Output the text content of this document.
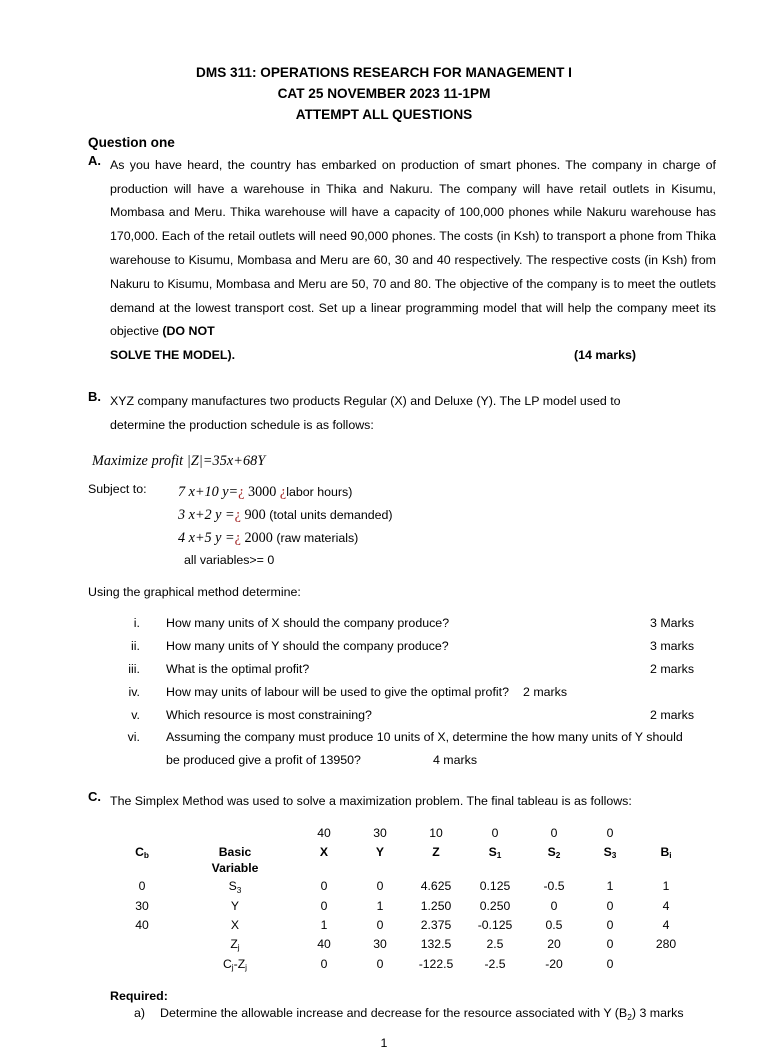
DMS 311: OPERATIONS RESEARCH FOR MANAGEMENT I
CAT 25 NOVEMBER 2023 11-1PM
ATTEMPT ALL QUESTIONS
Question one
A. As you have heard, the country has embarked on production of smart phones. The company in charge of production will have a warehouse in Thika and Nakuru. The company will have retail outlets in Kisumu, Mombasa and Meru. Thika warehouse will have a capacity of 100,000 phones while Nakuru warehouse has 170,000. Each of the retail outlets will need 90,000 phones. The costs (in Ksh) to transport a phone from Thika warehouse to Kisumu, Mombasa and Meru are 60, 30 and 40 respectively. The respective costs (in Ksh) from Nakuru to Kisumu, Mombasa and Meru are 50, 70 and 80. The objective of the company is to meet the outlets demand at the lowest transport cost. Set up a linear programming model that will help the company meet its objective (DO NOT
SOLVE THE MODEL).	(14 marks)
B. XYZ company manufactures two products Regular (X) and Deluxe (Y). The LP model used to determine the production schedule is as follows:
Maximize profit |Z|=35x+68Y
Subject to:	7 x+10 y=¿ 3000 ¿labor hours)
3 x+2 y =¿ 900 (total units demanded)
4 x+5 y =¿ 2000 (raw materials)
all variables>= 0
Using the graphical method determine:
i.	How many units of X should the company produce?	3 Marks
ii.	How many units of Y should the company produce?	3 marks
iii.	What is the optimal profit?	2 marks
iv.	How may units of labour will be used to give the optimal profit? 2 marks
v.	Which resource is most constraining?	2 marks
vi.	Assuming the company must produce 10 units of X, determine the how many units of Y should
be produced give a profit of 13950?	4 marks
C. The Simplex Method was used to solve a maximization problem. The final tableau is as follows:
		40	30	10	0	0	0	
$C_b$	Basic
Variable	X	Y	Z	$S_1$	$S_2$	$S_3$	$B_i$
0	$S_3$	0	0	4.625	0.125	-0.5	1	1
30	Y	0	1	1.250	0.250	0	0	4
40	X	1	0	2.375	-0.125	0.5	0	4
	$Z_j$	40	30	132.5	2.5	20	0	280
	$C_j-Z_j$	0	0	-122.5	-2.5	-20	0	
Required:
a)	Determine the allowable increase and decrease for the resource associated with Y $(B_2)$ 3 marks
1
